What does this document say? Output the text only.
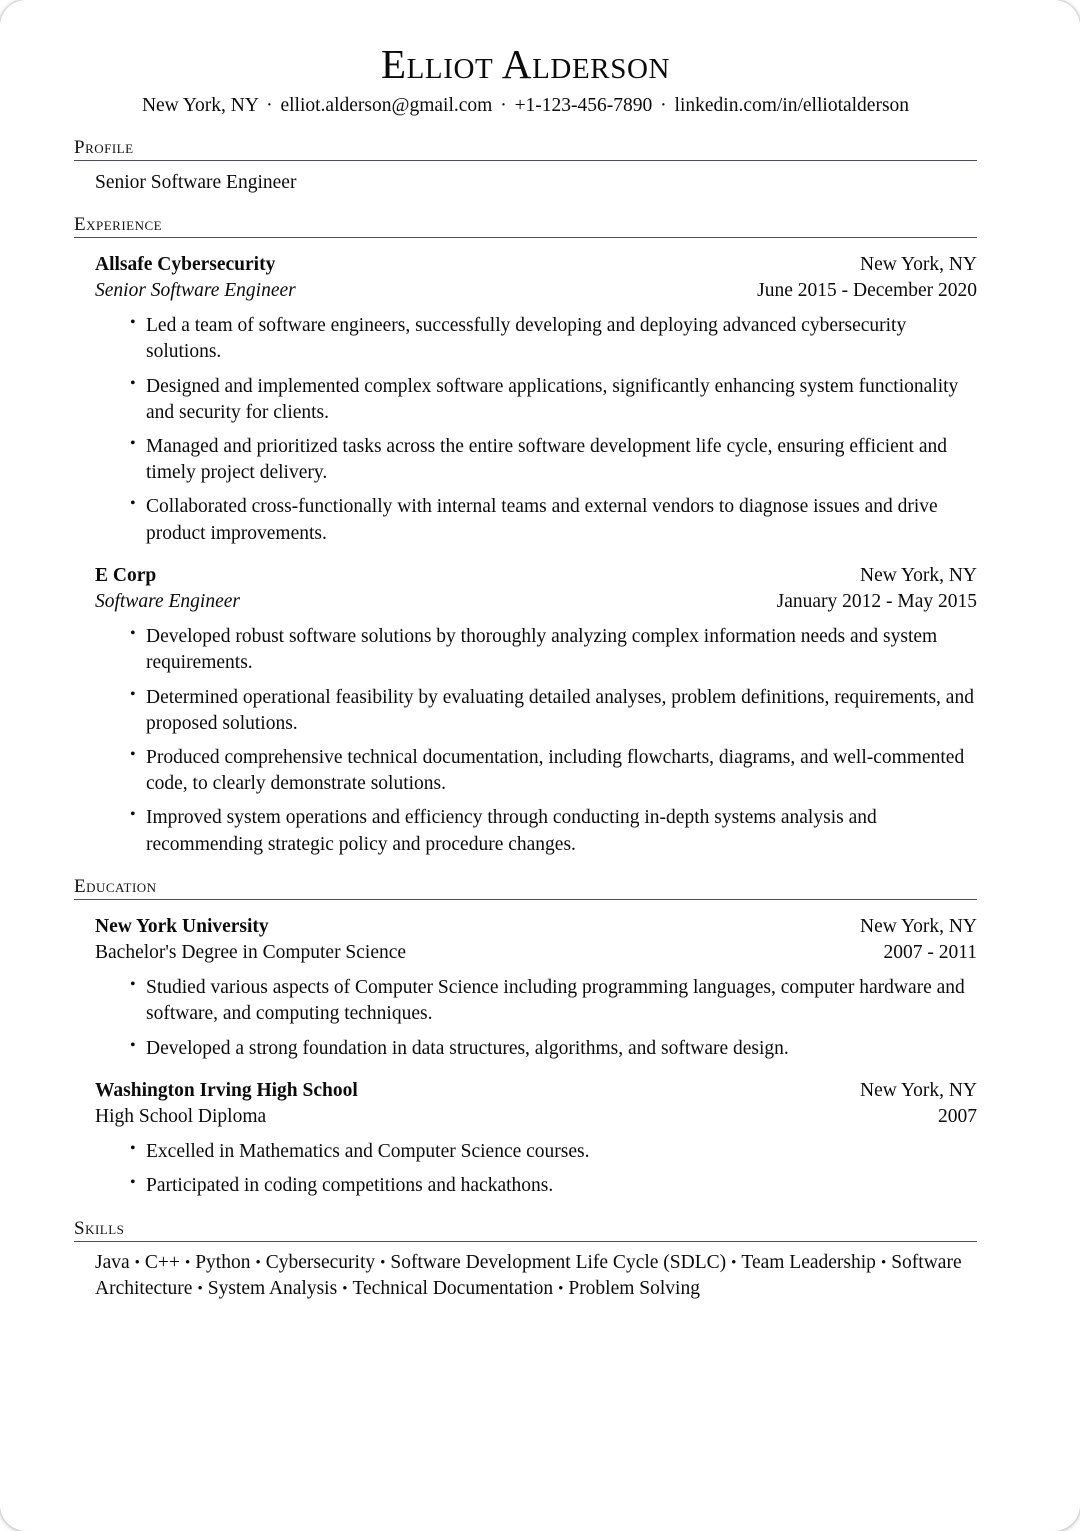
Elliot Alderson
New York, NY · elliot.alderson@gmail.com · +1-123-456-7890 · linkedin.com/in/elliotalderson
Profile
Senior Software Engineer
Experience
Allsafe Cybersecurity	New York, NY
Senior Software Engineer	June 2015 - December 2020
• Led a team of software engineers, successfully developing and deploying advanced cybersecurity solutions.
• Designed and implemented complex software applications, significantly enhancing system functionality and security for clients.
• Managed and prioritized tasks across the entire software development life cycle, ensuring efficient and timely project delivery.
• Collaborated cross-functionally with internal teams and external vendors to diagnose issues and drive product improvements.
E Corp	New York, NY
Software Engineer	January 2012 - May 2015
• Developed robust software solutions by thoroughly analyzing complex information needs and system requirements.
• Determined operational feasibility by evaluating detailed analyses, problem definitions, requirements, and proposed solutions.
• Produced comprehensive technical documentation, including flowcharts, diagrams, and well-commented code, to clearly demonstrate solutions.
• Improved system operations and efficiency through conducting in-depth systems analysis and recommending strategic policy and procedure changes.
Education
New York University	New York, NY
Bachelor's Degree in Computer Science	2007 - 2011
• Studied various aspects of Computer Science including programming languages, computer hardware and software, and computing techniques.
• Developed a strong foundation in data structures, algorithms, and software design.
Washington Irving High School	New York, NY
High School Diploma	2007
• Excelled in Mathematics and Computer Science courses.
• Participated in coding competitions and hackathons.
Skills
Java • C++ • Python • Cybersecurity • Software Development Life Cycle (SDLC) • Team Leadership • Software Architecture • System Analysis • Technical Documentation • Problem Solving
